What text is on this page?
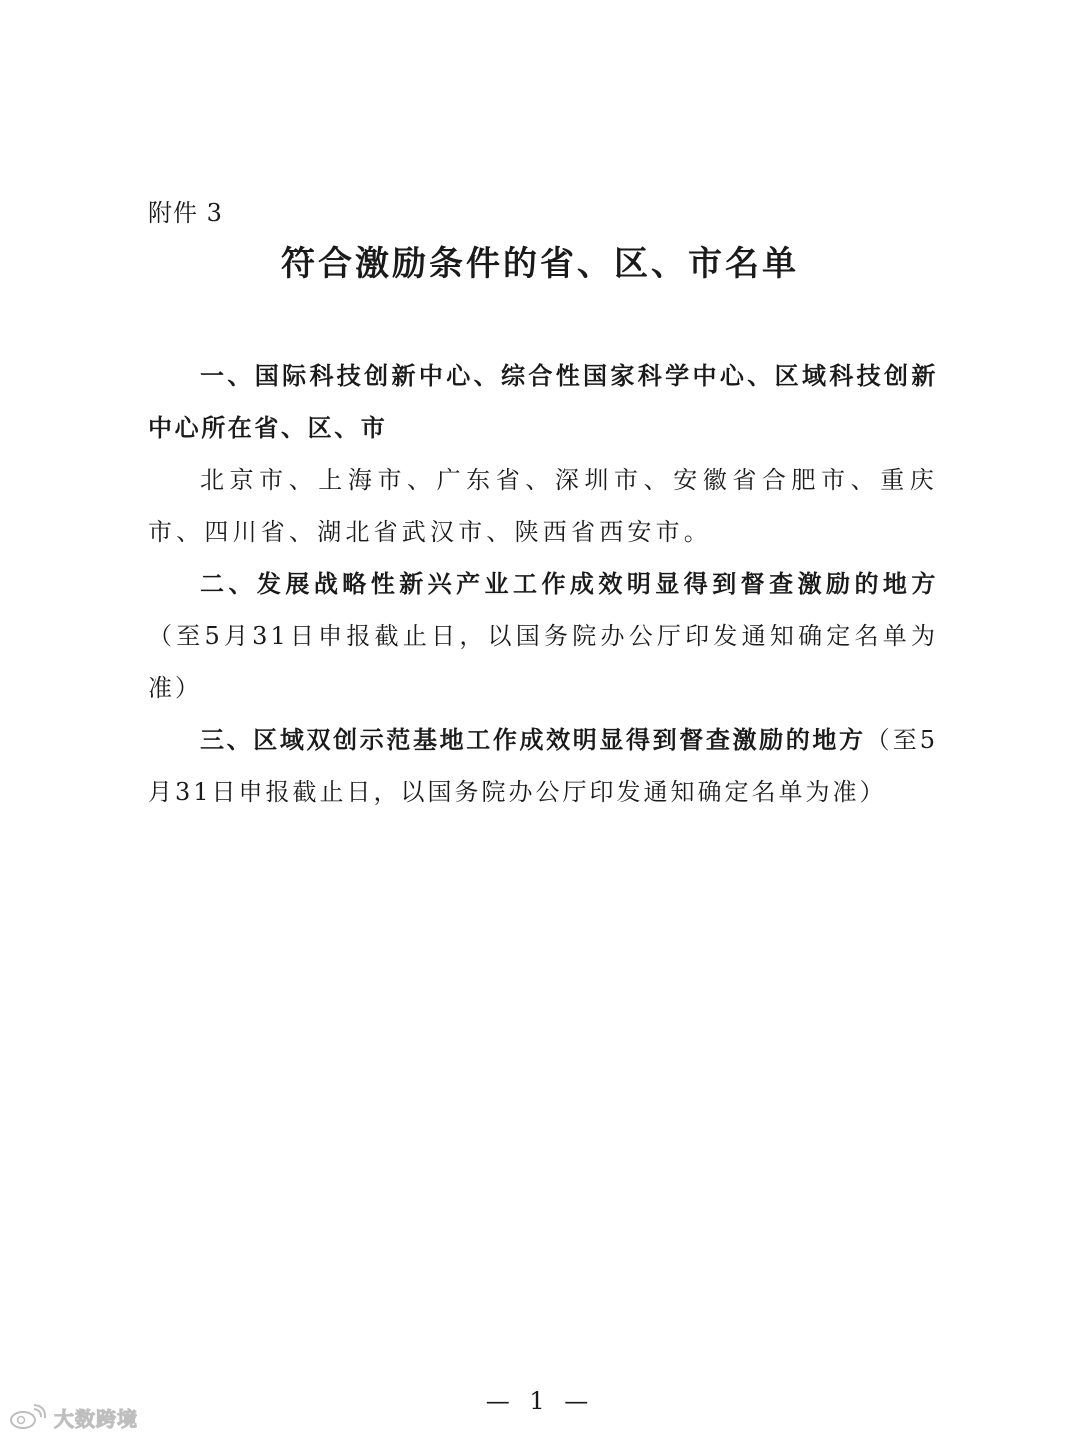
附件 3
符合激励条件的省、区、市名单

一、国际科技创新中心、综合性国家科学中心、区域科技创新中心所在省、区、市

北京市、上海市、广东省、深圳市、安徽省合肥市、重庆市、四川省、湖北省武汉市、陕西省西安市。

二、发展战略性新兴产业工作成效明显得到督查激励的地方（至5月31日申报截止日，以国务院办公厅印发通知确定名单为准）

三、区域双创示范基地工作成效明显得到督查激励的地方（至5月31日申报截止日，以国务院办公厅印发通知确定名单为准）

— 1 —
大数跨境
